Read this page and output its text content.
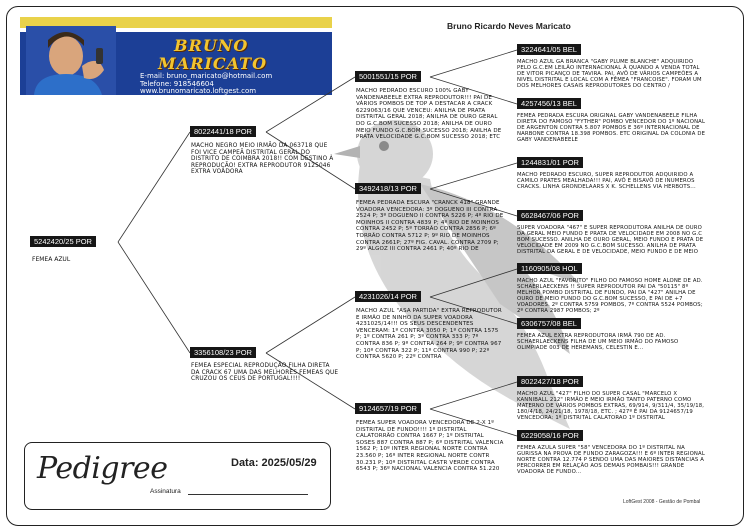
BRUNO
MARICATO
E-mail: bruno_maricato@hotmail.com
Telefone: 918546604
www.brunomaricato.loftgest.com
Bruno Ricardo Neves Maricato
5242420/25 POR
FEMEA AZUL
8022441/18 POR
MACHO NEGRO MEIO IRMÃO DA 063718 QUE FOI VICE CAMPEÃ DISTRITAL GERAL DO DISTRITO DE COIMBRA 2018!! COM DESTINO À REPRODUÇÃO! EXTRA REPRODUTOR 9125046 EXTRA VOADORA
3356108/23 POR
FEMEA ESPECIAL REPRODUÇÃO FILHA DIRETA DA CRACK 67 UMA DAS MELHORES FEMEAS QUE CRUZOU OS CEUS DE PORTUGAL!!!!
5001551/15 POR
MACHO PEDRADO ESCURO 100% GABY VANDENABEELE EXTRA REPRODUTOR!!! PAI DE VÁRIOS POMBOS DE TOP A DESTACAR A CRACK 6229063/16 QUE VENCEU: ANILHA DE PRATA DISTRITAL GERAL 2018; ANILHA DE OURO GERAL DO G.C.BOM SUCESSO 2018; ANILHA DE OURO MEIO FUNDO G.C.BOM SUCESSO 2018; ANILHA DE PRATA VELOCIDADE G.C.BOM SUCESSO 2018; ETC
3492418/13 POR
FEMEA PEDRADA ESCURA "CRANCK 418" GRANDE VOADORA VENCEDORA: 3º DOGUENO III CONTRA 2524 P; 3º DOGUENO II CONTRA 5226 P; 4º RIO DE MOINHOS II CONTRA 4839 P; 4º RIO DE MOINHOS CONTRA 2452 P; 5º TORRÃO CONTRA 2856 P; 6º TORRÃO CONTRA 5712 P; 9º RIO DE MOINHOS CONTRA 2661P; 27º FIG. CAVAL. CONTRA 2709 P; 29º ALGOZ III CONTRA 2461 P; 40º RIO DE
4231026/14 POR
MACHO AZUL "ASA PARTIDA" EXTRA REPRODUTOR E IRMÃO DE NINHO DA SUPER VOADORA 4231025/14!!! OS SEUS DESCENDENTES VENCERAM: 1º CONTRA 3050 P; 1º CONTRA 1575 P; 1º CONTRA 261 P; 3º CONTRA 333 P; 7º CONTRA 836 P; 9º CONTRA 264 P; 9º CONTRA 967 P; 10º CONTRA 322 P; 11º CONTRA 990 P; 22º CONTRA 5620 P; 22º CONTRA
9124657/19 POR
FEMEA SUPER VOADORA VENCEDORA DE 2-X 1º DISTRITAL DE FUNDO!!!! 1º DISTRITAL CALATORRÃO CONTRA 1667 P; 1º DISTRITAL SOSES 887 CONTRA 887 P; 6º DISTRITAL VALENCIA 1562 P; 10º INTER REGIONAL NORTE CONTRA 23.560 P; 16º INTER REGIONAL NORTE CONTR 30.231 P; 10º DISTRITAL CASTR VERDE CONTRA 6543 P; 36º NACIONAL VALENCIA CONTRA 51.220
3224641/05 BEL
MACHO AZUL GA BRANCA "GABY PLUME BLANCHE" ADQUIRIDO PELO G.C.EM LEILÃO INTERNACIONAL À QUANDO A VENDA TOTAL DE VITOR PICANÇO DE TAVIRA. PAI, AVÔ DE VÁRIOS CAMPEÕES A NIVEL DISTRITAL E LOCAL COM A FÊMEA "FRANCOISE". FORAM UM DOS MELHORES CASAIS REPRODUTORES DO CENTRO /
4257456/13 BEL
FEMEA PEDRADA ESCURA ORIGINAL GABY VANDENABEELE FILHA DIRETA DO FAMOSO "FYTHER" POMBO VENCEDOR DO 1º NACIONAL DE ARGENTON CONTRA 5.807 POMBOS E 36º INTERNACIONAL DE NARBONE CONTRA 18.398 POMBOS. ETC ORIGINAL DA COLONIA DE GABY VANDENABEELE
1244831/01 POR
MACHO PEDRADO ESCURO, SUPER REPRODUTOR ADQUIRIDO A CAMILO PRATES MEALHADA!!! PAI, AVÔ E BISAVÔ DE INUMEROS CRACKS. LINHA GRONDELAARS X K. SCHELLENS VIA HERBOTS...
6628467/06 POR
SUPER VOADORA "467" E SUPER REPRODUTORA ANILHA DE OURO DA GERAL MEIO FUNDO E PRATA DE VELOCIDADE EM 2008 NO G.C BOM SUCESSO. ANILHA DE OURO GERAL, MEIO FUNDO E PRATA DE VELOCIDADE EM 2009 NO G.C.BOM SUCESSO. ANILHA DE PRATA DISTRITAL DA GERAL E DE VELOCIDADE, MEIO FUNDO E DE MEIO
1160905/08 HOL
MACHO AZUL "FAVORITO" FILHO DO FAMOSO HOME ALONE DE AD. SCHAERLAECKENS !! SUPER REPRODUTOR PAI DA "50115" 8º MELHOR POMBO DISTRITAL DE FUNDO, PAI DA "427" ANILHA DE OURO DE MEIO FUNDO DO G.C.BOM SUCESSO, E PAI DE +7 VOADORES. 2º CONTRA 5759 POMBOS, 7º CONTRA 5524 POMBOS; 2º CONTRA 2987 POMBOS; 2º
6306757/08 BEL
FEMEA AZUL EXTRA REPRODUTORA IRMÃ 790 DE AD. SCHAERLAECKENS FILHA DE UM MEIO IRMÃO DO FAMOSO OLIMPIADE 003 DE HEREMANS, CELESTIN E...
8022427/18 POR
MACHO AZUL "427" FILHO DO SUPER CASAL "MARCELO X KANNIBALL 212" IRMÃO E MEIO IRMÃO TANTO PATERNO COMO MATERNO DE VÁRIOS POMBOS EXTRAS, 69/914, 9/311/4, 35/19/18, 180/4/18, 24/21/18, 1978/18, ETC. ; 427º É PAI DA 9124657/19 VENCEDORA: 1º DISTRITAL CALATORAO 1º DISTRITAL
6229058/16 POR
FEMEA AZULA SUPER "58" VENCEDORA DO 1º DISTRITAL NA GURISSA NA PROVA DE FUNDO ZARAGOZA!!! E 6º INTER REGIONAL NORTE CONTRA 12.774 P SENDO UMA DAS MAIORES DISTANCIAS A PERCORRER EM RELAÇÃO AOS DEMAIS POMBAIS!!! GRANDE VOADORA DE FUNDO...
Pedigree	Data: 2025/05/29
Assinatura
LoftGest 2008 - Gestão de Pombal
